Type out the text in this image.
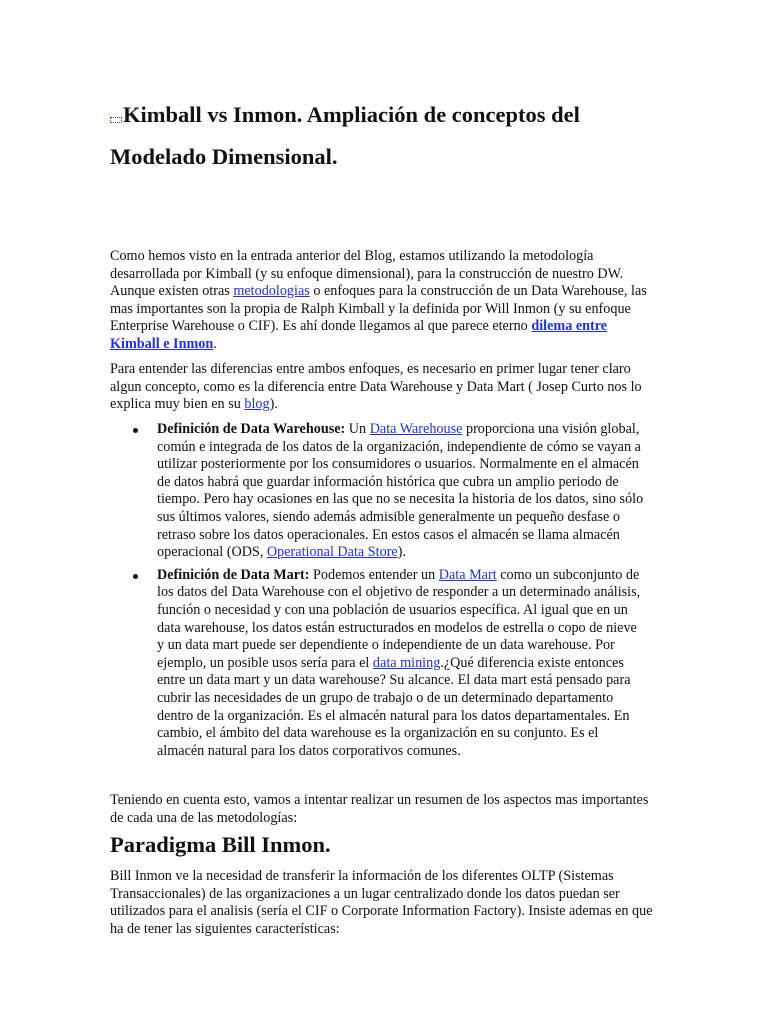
Kimball vs Inmon. Ampliación de conceptos del
Modelado Dimensional.

Como hemos visto en la entrada anterior del Blog, estamos utilizando la metodología desarrollada por Kimball (y su enfoque dimensional), para la construcción de nuestro DW. Aunque existen otras metodologias o enfoques para la construcción de un Data Warehouse, las mas importantes son la propia de Ralph Kimball y la definida por Will Inmon (y su enfoque Enterprise Warehouse o CIF). Es ahí donde llegamos al que parece eterno dilema entre Kimball e Inmon.

Para entender las diferencias entre ambos enfoques, es necesario en primer lugar tener claro algun concepto, como es la diferencia entre Data Warehouse y Data Mart ( Josep Curto nos lo explica muy bien en su blog).

Definición de Data Warehouse: Un Data Warehouse proporciona una visión global, común e integrada de los datos de la organización, independiente de cómo se vayan a utilizar posteriormente por los consumidores o usuarios. Normalmente en el almacén de datos habrá que guardar información histórica que cubra un amplio periodo de tiempo. Pero hay ocasiones en las que no se necesita la historia de los datos, sino sólo sus últimos valores, siendo además admisible generalmente un pequeño desfase o retraso sobre los datos operacionales. En estos casos el almacén se llama almacén operacional (ODS, Operational Data Store).
Definición de Data Mart: Podemos entender un Data Mart como un subconjunto de los datos del Data Warehouse con el objetivo de responder a un determinado análisis, función o necesidad y con una población de usuarios específica. Al igual que en un data warehouse, los datos están estructurados en modelos de estrella o copo de nieve y un data mart puede ser dependiente o independiente de un data warehouse. Por ejemplo, un posible usos sería para el data mining.¿Qué diferencia existe entonces entre un data mart y un data warehouse? Su alcance. El data mart está pensado para cubrir las necesidades de un grupo de trabajo o de un determinado departamento dentro de la organización. Es el almacén natural para los datos departamentales. En cambio, el ámbito del data warehouse es la organización en su conjunto. Es el almacén natural para los datos corporativos comunes.

Teniendo en cuenta esto, vamos a intentar realizar un resumen de los aspectos mas importantes de cada una de las metodologías:

Paradigma Bill Inmon.

Bill Inmon ve la necesidad de transferir la información de los diferentes OLTP (Sistemas Transaccionales) de las organizaciones a un lugar centralizado donde los datos puedan ser utilizados para el analisis (sería el CIF o Corporate Information Factory). Insiste ademas en que ha de tener las siguientes características:
